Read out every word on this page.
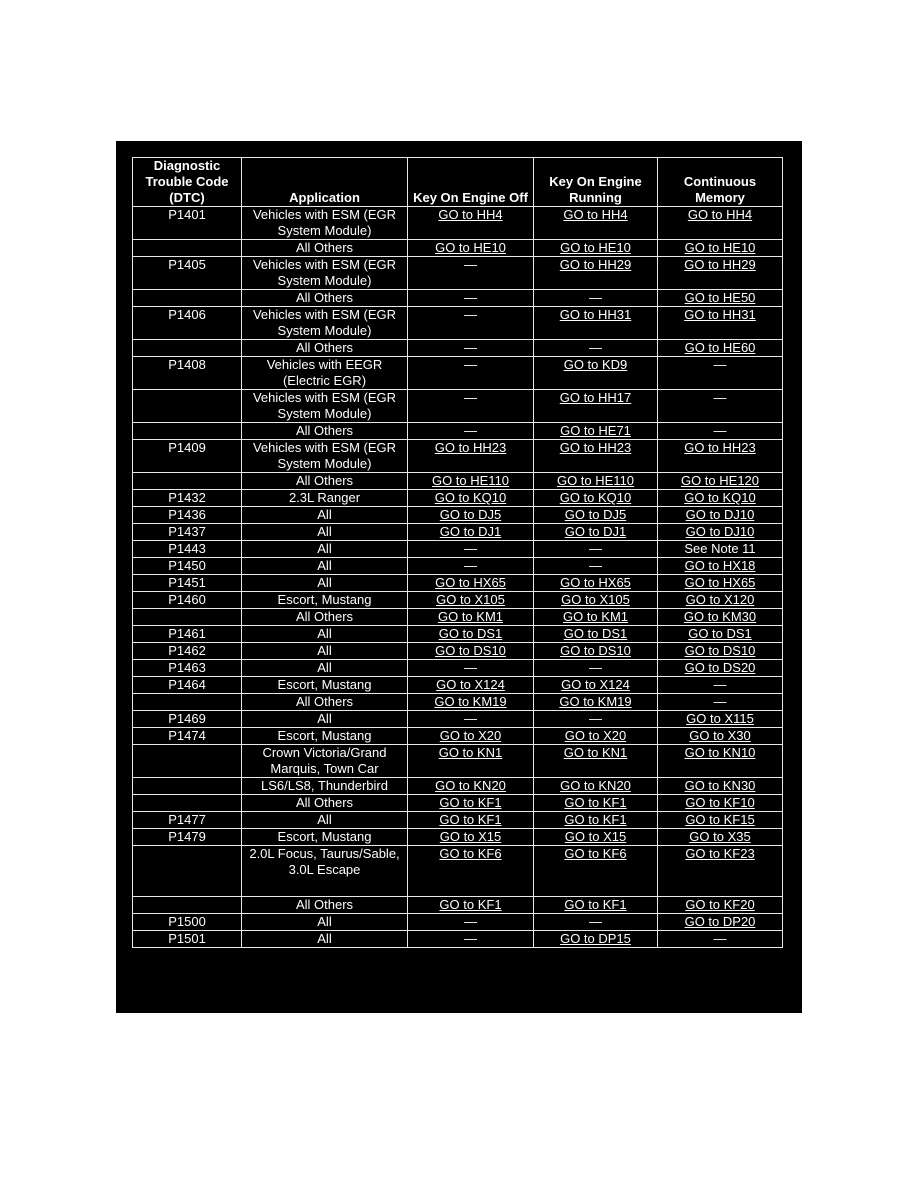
Diagnostic Trouble Code (DTC)	Application	Key On Engine Off	Key On Engine Running	Continuous Memory
P1401	Vehicles with ESM (EGR System Module)	GO to HH4	GO to HH4	GO to HH4
	All Others	GO to HE10	GO to HE10	GO to HE10
P1405	Vehicles with ESM (EGR System Module)	—	GO to HH29	GO to HH29
	All Others	—	—	GO to HE50
P1406	Vehicles with ESM (EGR System Module)	—	GO to HH31	GO to HH31
	All Others	—	—	GO to HE60
P1408	Vehicles with EEGR (Electric EGR)	—	GO to KD9	—
	Vehicles with ESM (EGR System Module)	—	GO to HH17	—
	All Others	—	GO to HE71	—
P1409	Vehicles with ESM (EGR System Module)	GO to HH23	GO to HH23	GO to HH23
	All Others	GO to HE110	GO to HE110	GO to HE120
P1432	2.3L Ranger	GO to KQ10	GO to KQ10	GO to KQ10
P1436	All	GO to DJ5	GO to DJ5	GO to DJ10
P1437	All	GO to DJ1	GO to DJ1	GO to DJ10
P1443	All	—	—	See Note 11
P1450	All	—	—	GO to HX18
P1451	All	GO to HX65	GO to HX65	GO to HX65
P1460	Escort, Mustang	GO to X105	GO to X105	GO to X120
	All Others	GO to KM1	GO to KM1	GO to KM30
P1461	All	GO to DS1	GO to DS1	GO to DS1
P1462	All	GO to DS10	GO to DS10	GO to DS10
P1463	All	—	—	GO to DS20
P1464	Escort, Mustang	GO to X124	GO to X124	—
	All Others	GO to KM19	GO to KM19	—
P1469	All	—	—	GO to X115
P1474	Escort, Mustang	GO to X20	GO to X20	GO to X30
	Crown Victoria/Grand Marquis, Town Car	GO to KN1	GO to KN1	GO to KN10
	LS6/LS8, Thunderbird	GO to KN20	GO to KN20	GO to KN30
	All Others	GO to KF1	GO to KF1	GO to KF10
P1477	All	GO to KF1	GO to KF1	GO to KF15
P1479	Escort, Mustang	GO to X15	GO to X15	GO to X35
	2.0L Focus, Taurus/Sable, 3.0L Escape	GO to KF6	GO to KF6	GO to KF23
	All Others	GO to KF1	GO to KF1	GO to KF20
P1500	All	—	—	GO to DP20
P1501	All	—	GO to DP15	—
